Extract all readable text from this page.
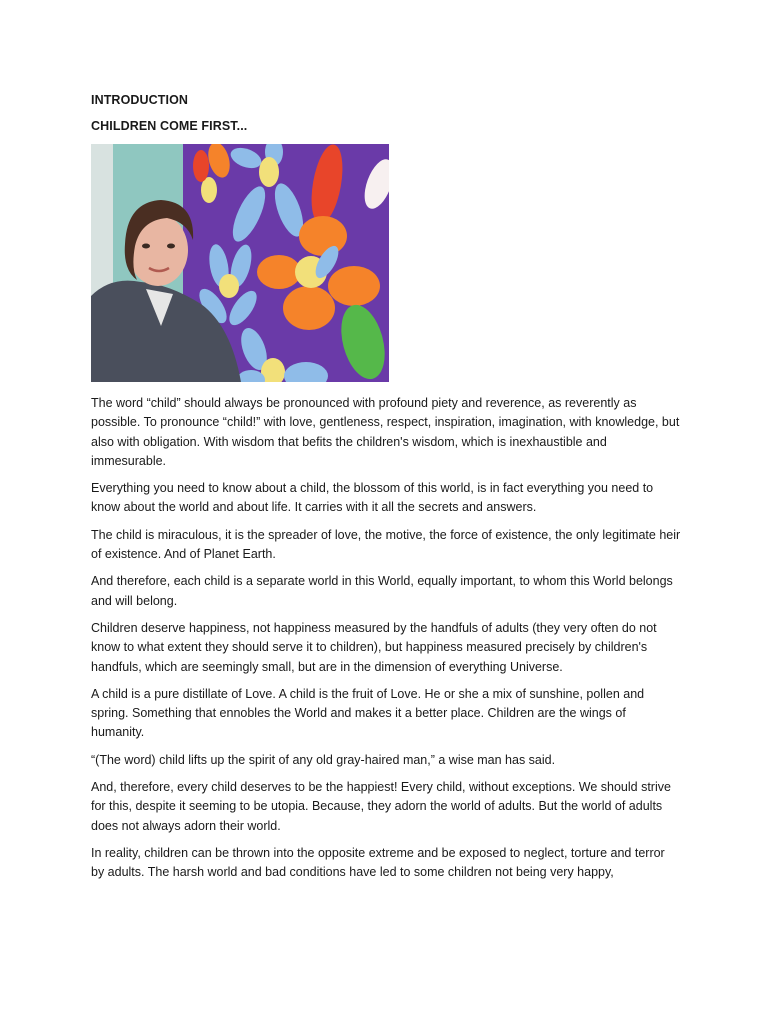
INTRODUCTION
CHILDREN COME FIRST...

The word “child” should always be pronounced with profound piety and reverence, as reverently as possible. To pronounce “child!” with love, gentleness, respect, inspiration, imagination, with knowledge, but also with obligation. With wisdom that befits the children's wisdom, which is inexhaustible and immesurable.

Everything you need to know about a child, the blossom of this world, is in fact everything you need to know about the world and about life. It carries with it all the secrets and answers.

The child is miraculous, it is the spreader of love, the motive, the force of existence, the only legitimate heir of existence. And of Planet Earth.

And therefore, each child is a separate world in this World, equally important, to whom this World belongs and will belong.

Children deserve happiness, not happiness measured by the handfuls of adults (they very often do not know to what extent they should serve it to children), but happiness measured precisely by children's handfuls, which are seemingly small, but are in the dimension of everything Universe.

A child is a pure distillate of Love. A child is the fruit of Love. He or she a mix of sunshine, pollen and spring. Something that ennobles the World and makes it a better place. Children are the wings of humanity.

“(The word) child lifts up the spirit of any old gray-haired man,” a wise man has said.

And, therefore, every child deserves to be the happiest! Every child, without exceptions. We should strive for this, despite it seeming to be utopia. Because, they adorn the world of adults. But the world of adults does not always adorn their world.

In reality, children can be thrown into the opposite extreme and be exposed to neglect, torture and terror by adults. The harsh world and bad conditions have led to some children not being very happy,
